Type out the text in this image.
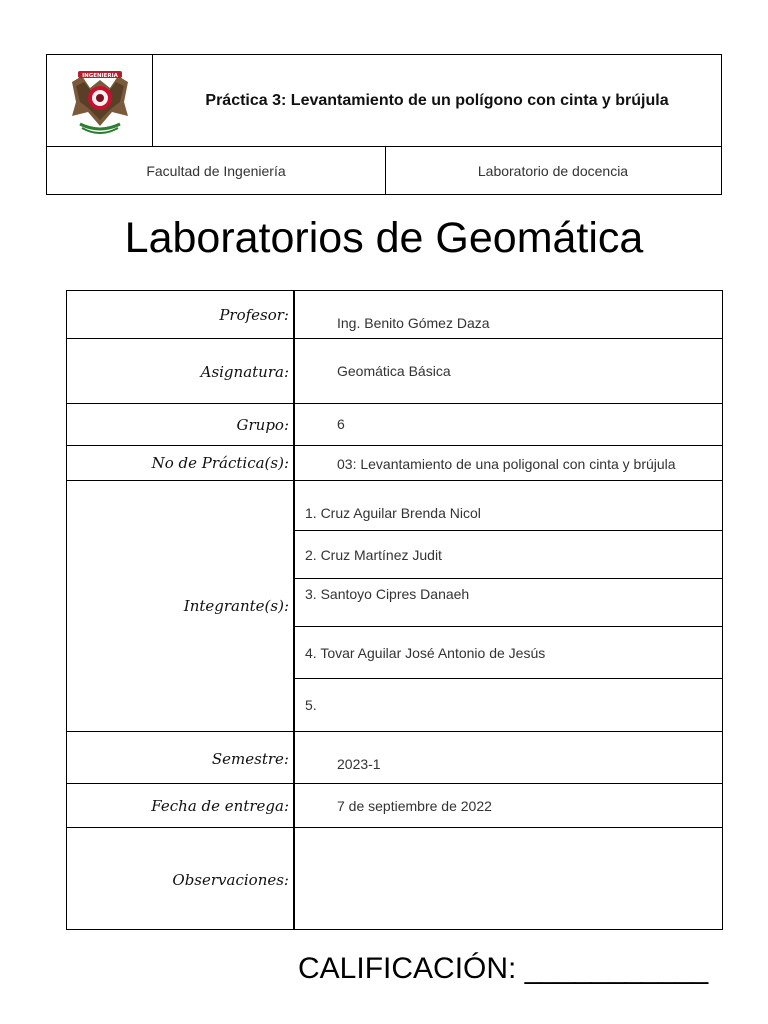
INGENIERIA
Práctica 3: Levantamiento de un polígono con cinta y brújula
Facultad de Ingeniería	Laboratorio de docencia
Laboratorios de Geomática
Profesor:	Ing. Benito Gómez Daza
Asignatura:	Geomática Básica
Grupo:	6
No de Práctica(s):	03: Levantamiento de una poligonal con cinta y brújula
Integrante(s):
1. Cruz Aguilar Brenda Nicol
2. Cruz Martínez Judit
3. Santoyo Cipres Danaeh
4. Tovar Aguilar José Antonio de Jesús
5.
Semestre:	2023-1
Fecha de entrega:	7 de septiembre de 2022
Observaciones:
CALIFICACIÓN: ___________
